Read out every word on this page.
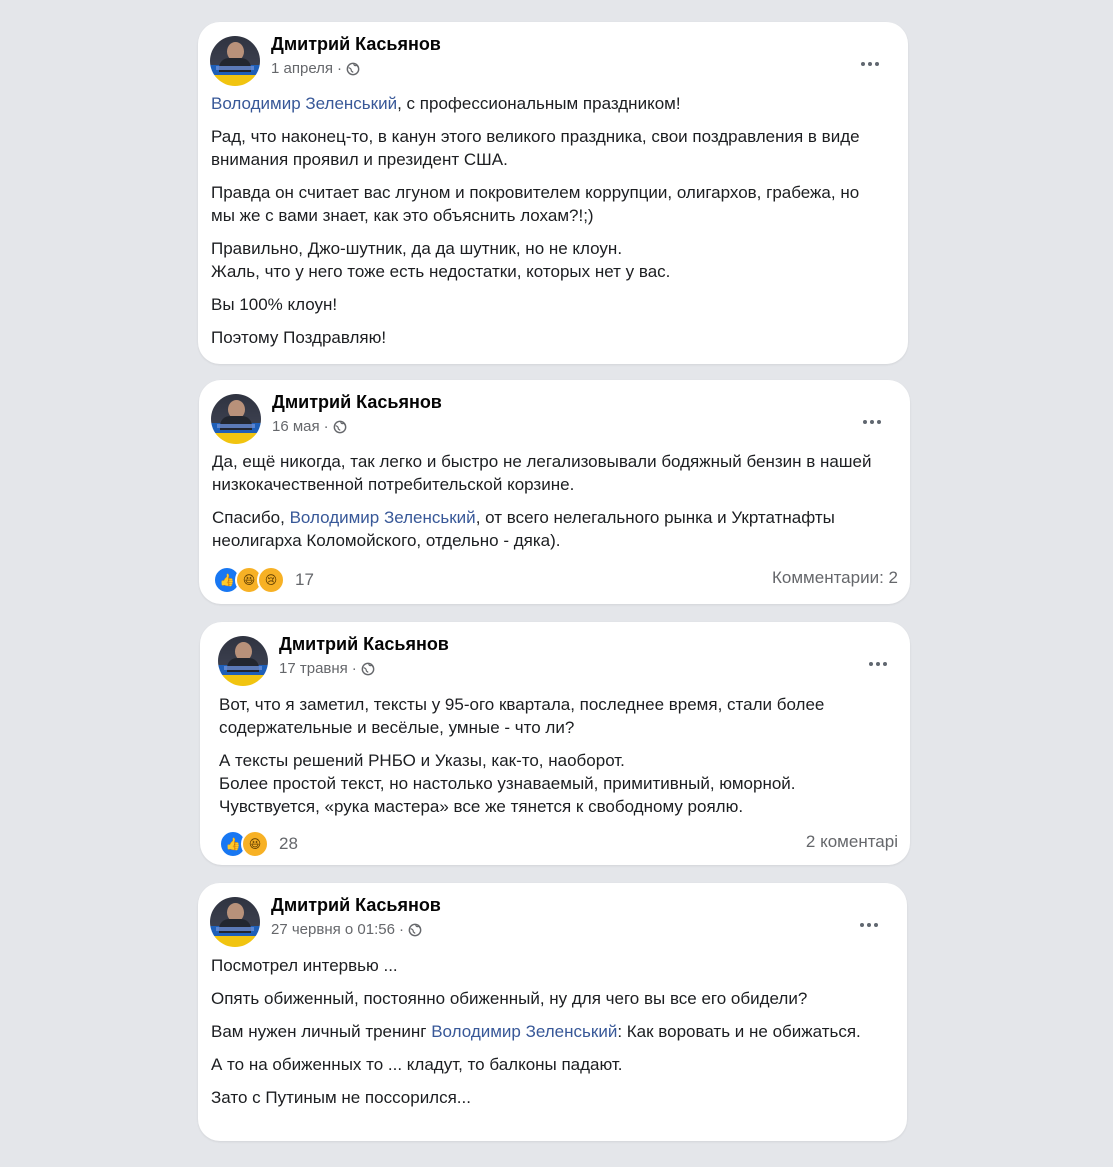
Дмитрий Касьянов
1 апреля ·

Володимир Зеленський, с профессиональным праздником!

Рад, что наконец-то, в канун этого великого праздника, свои поздравления в виде внимания проявил и президент США.

Правда он считает вас лгуном и покровителем коррупции, олигархов, грабежа, но мы же с вами знает, как это объяснить лохам?!;)

Правильно, Джо-шутник, да да шутник, но не клоун.
Жаль, что у него тоже есть недостатки, которых нет у вас.

Вы 100% клоун!

Поэтому Поздравляю!

Дмитрий Касьянов
16 мая ·

Да, ещё никогда, так легко и быстро не легализовывали бодяжный бензин в нашей низкокачественной потребительской корзине.

Спасибо, Володимир Зеленський, от всего нелегального рынка и Укртатнафты неолигарха Коломойского, отдельно - дяка).

👍 😆 😢	17	Комментарии: 2
Дмитрий Касьянов
17 травня ·

Вот, что я заметил, тексты у 95-ого квартала, последнее время, стали более содержательные и весёлые, умные - что ли?

А тексты решений РНБО и Указы, как-то, наоборот.
Более простой текст, но настолько узнаваемый, примитивный, юморной.
Чувствуется, «рука мастера» все же тянется к свободному роялю.

👍 😆	28	2 коментарі
Дмитрий Касьянов
27 червня о 01:56 ·

Посмотрел интервью ...

Опять обиженный, постоянно обиженный, ну для чего вы все его обидели?

Вам нужен личный тренинг Володимир Зеленський: Как воровать и не обижаться.

А то на обиженных то ... кладут, то балконы падают.

Зато с Путиным не поссорился...
